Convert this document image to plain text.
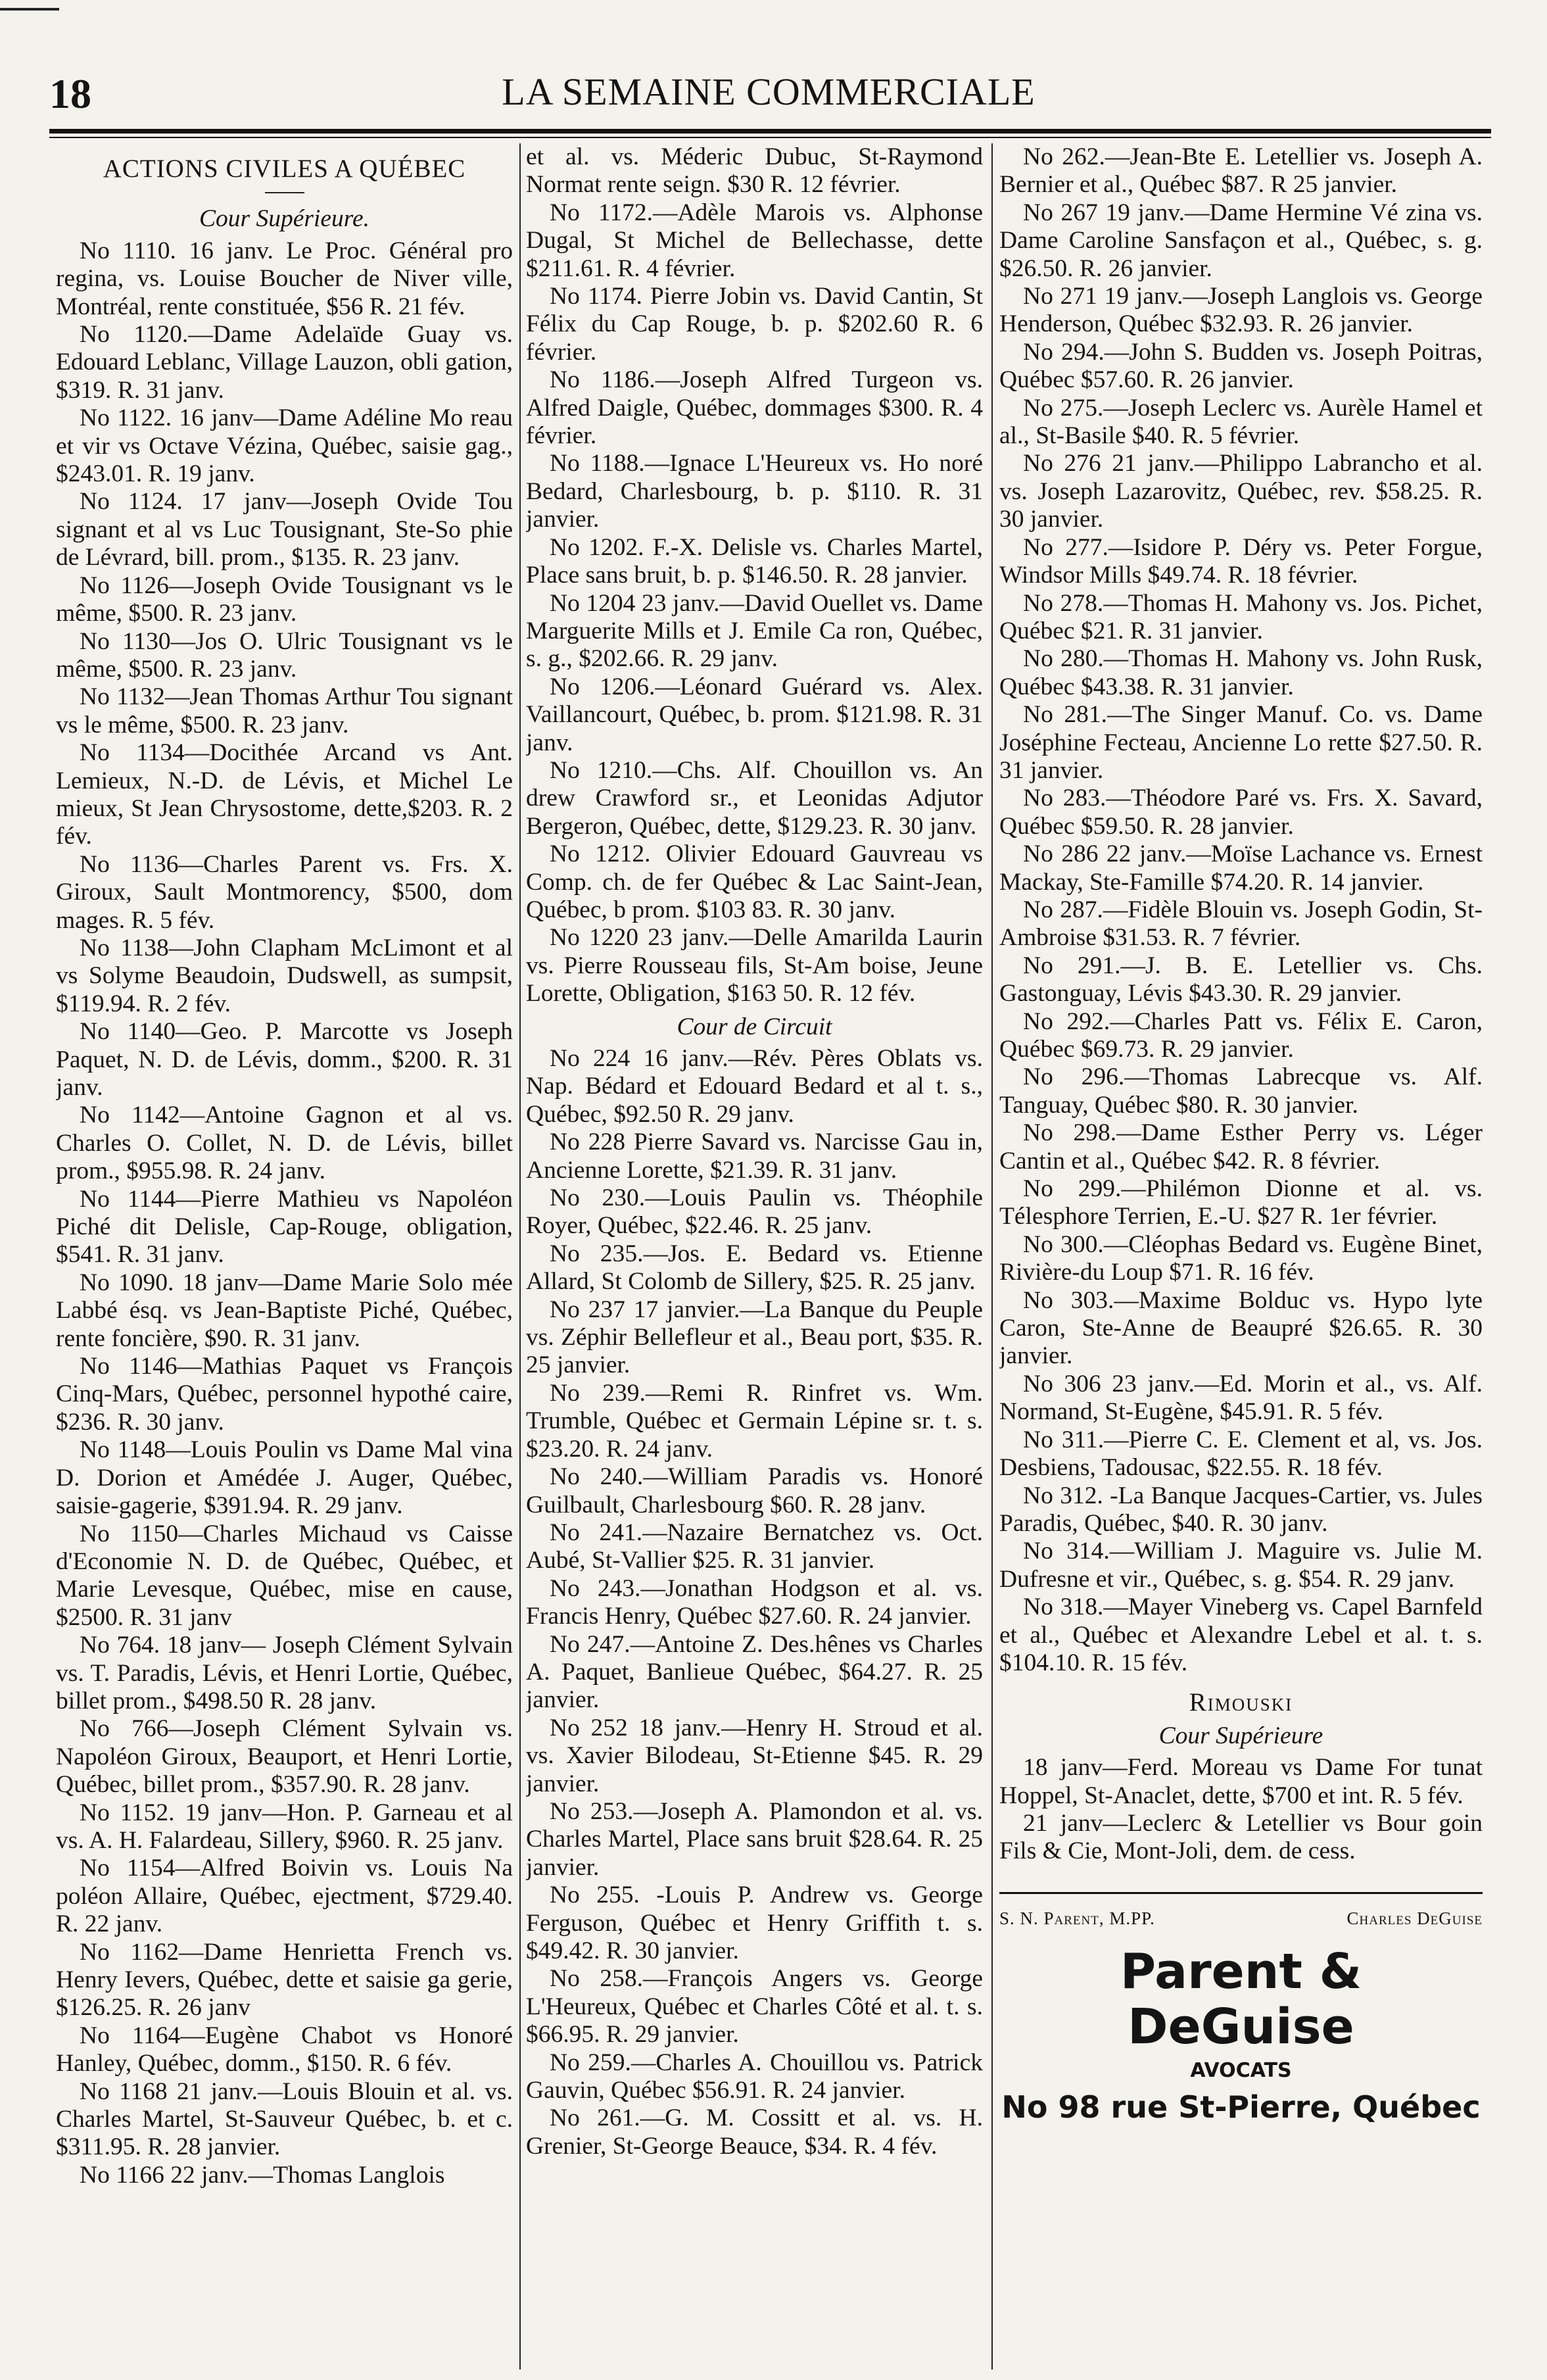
18	LA SEMAINE COMMERCIALE
ACTIONS CIVILES A QUÉBEC
Cour Supérieure.

No 1110. 16 janv. Le Proc. Général pro regina, vs. Louise Boucher de Niver ville, Montréal, rente constituée, $56 R. 21 fév.

No 1120.—Dame Adelaïde Guay vs. Edouard Leblanc, Village Lauzon, obli gation, $319. R. 31 janv.

No 1122. 16 janv—Dame Adéline Mo reau et vir vs Octave Vézina, Québec, saisie gag., $243.01. R. 19 janv.

No 1124. 17 janv—Joseph Ovide Tou signant et al vs Luc Tousignant, Ste-So phie de Lévrard, bill. prom., $135. R. 23 janv.

No 1126—Joseph Ovide Tousignant vs le même, $500. R. 23 janv.

No 1130—Jos O. Ulric Tousignant vs le même, $500. R. 23 janv.

No 1132—Jean Thomas Arthur Tou signant vs le même, $500. R. 23 janv.

No 1134—Docithée Arcand vs Ant. Lemieux, N.-D. de Lévis, et Michel Le mieux, St Jean Chrysostome, dette,$203. R. 2 fév.

No 1136—Charles Parent vs. Frs. X. Giroux, Sault Montmorency, $500, dom mages. R. 5 fév.

No 1138—John Clapham McLimont et al vs Solyme Beaudoin, Dudswell, as sumpsit, $119.94. R. 2 fév.

No 1140—Geo. P. Marcotte vs Joseph Paquet, N. D. de Lévis, domm., $200. R. 31 janv.

No 1142—Antoine Gagnon et al vs. Charles O. Collet, N. D. de Lévis, billet prom., $955.98. R. 24 janv.

No 1144—Pierre Mathieu vs Napoléon Piché dit Delisle, Cap-Rouge, obligation, $541. R. 31 janv.

No 1090. 18 janv—Dame Marie Solo mée Labbé ésq. vs Jean-Baptiste Piché, Québec, rente foncière, $90. R. 31 janv.

No 1146—Mathias Paquet vs François Cinq-Mars, Québec, personnel hypothé caire, $236. R. 30 janv.

No 1148—Louis Poulin vs Dame Mal vina D. Dorion et Amédée J. Auger, Québec, saisie-gagerie, $391.94. R. 29 janv.

No 1150—Charles Michaud vs Caisse d'Economie N. D. de Québec, Québec, et Marie Levesque, Québec, mise en cause, $2500. R. 31 janv

No 764. 18 janv— Joseph Clément Sylvain vs. T. Paradis, Lévis, et Henri Lortie, Québec, billet prom., $498.50 R. 28 janv.

No 766—Joseph Clément Sylvain vs. Napoléon Giroux, Beauport, et Henri Lortie, Québec, billet prom., $357.90. R. 28 janv.

No 1152. 19 janv—Hon. P. Garneau et al vs. A. H. Falardeau, Sillery, $960. R. 25 janv.

No 1154—Alfred Boivin vs. Louis Na poléon Allaire, Québec, ejectment, $729.40. R. 22 janv.

No 1162—Dame Henrietta French vs. Henry Ievers, Québec, dette et saisie ga gerie, $126.25. R. 26 janv

No 1164—Eugène Chabot vs Honoré Hanley, Québec, domm., $150. R. 6 fév.

No 1168 21 janv.—Louis Blouin et al. vs. Charles Martel, St-Sauveur Québec, b. et c. $311.95. R. 28 janvier.

No 1166 22 janv.—Thomas Langlois

et al. vs. Méderic Dubuc, St-Raymond Normat rente seign. $30 R. 12 février.

No 1172.—Adèle Marois vs. Alphonse Dugal, St Michel de Bellechasse, dette $211.61. R. 4 février.

No 1174. Pierre Jobin vs. David Cantin, St Félix du Cap Rouge, b. p. $202.60 R. 6 février.

No 1186.—Joseph Alfred Turgeon vs. Alfred Daigle, Québec, dommages $300. R. 4 février.

No 1188.—Ignace L'Heureux vs. Ho noré Bedard, Charlesbourg, b. p. $110. R. 31 janvier.

No 1202. F.-X. Delisle vs. Charles Martel, Place sans bruit, b. p. $146.50. R. 28 janvier.

No 1204 23 janv.—David Ouellet vs. Dame Marguerite Mills et J. Emile Ca ron, Québec, s. g., $202.66. R. 29 janv.

No 1206.—Léonard Guérard vs. Alex. Vaillancourt, Québec, b. prom. $121.98. R. 31 janv.

No 1210.—Chs. Alf. Chouillon vs. An drew Crawford sr., et Leonidas Adjutor Bergeron, Québec, dette, $129.23. R. 30 janv.

No 1212. Olivier Edouard Gauvreau vs Comp. ch. de fer Québec & Lac Saint-Jean, Québec, b prom. $103 83. R. 30 janv.

No 1220 23 janv.—Delle Amarilda Laurin vs. Pierre Rousseau fils, St-Am boise, Jeune Lorette, Obligation, $163 50. R. 12 fév.

Cour de Circuit

No 224 16 janv.—Rév. Pères Oblats vs. Nap. Bédard et Edouard Bedard et al t. s., Québec, $92.50 R. 29 janv.

No 228 Pierre Savard vs. Narcisse Gau in, Ancienne Lorette, $21.39. R. 31 janv.

No 230.—Louis Paulin vs. Théophile Royer, Québec, $22.46. R. 25 janv.

No 235.—Jos. E. Bedard vs. Etienne Allard, St Colomb de Sillery, $25. R. 25 janv.

No 237 17 janvier.—La Banque du Peuple vs. Zéphir Bellefleur et al., Beau port, $35. R. 25 janvier.

No 239.—Remi R. Rinfret vs. Wm. Trumble, Québec et Germain Lépine sr. t. s. $23.20. R. 24 janv.

No 240.—William Paradis vs. Honoré Guilbault, Charlesbourg $60. R. 28 janv.

No 241.—Nazaire Bernatchez vs. Oct. Aubé, St-Vallier $25. R. 31 janvier.

No 243.—Jonathan Hodgson et al. vs. Francis Henry, Québec $27.60. R. 24 janvier.

No 247.—Antoine Z. Des.hênes vs Charles A. Paquet, Banlieue Québec, $64.27. R. 25 janvier.

No 252 18 janv.—Henry H. Stroud et al. vs. Xavier Bilodeau, St-Etienne $45. R. 29 janvier.

No 253.—Joseph A. Plamondon et al. vs. Charles Martel, Place sans bruit $28.64. R. 25 janvier.

No 255. -Louis P. Andrew vs. George Ferguson, Québec et Henry Griffith t. s. $49.42. R. 30 janvier.

No 258.—François Angers vs. George L'Heureux, Québec et Charles Côté et al. t. s. $66.95. R. 29 janvier.

No 259.—Charles A. Chouillou vs. Patrick Gauvin, Québec $56.91. R. 24 janvier.

No 261.—G. M. Cossitt et al. vs. H. Grenier, St-George Beauce, $34. R. 4 fév.

No 262.—Jean-Bte E. Letellier vs. Joseph A. Bernier et al., Québec $87. R 25 janvier.

No 267 19 janv.—Dame Hermine Vé zina vs. Dame Caroline Sansfaçon et al., Québec, s. g. $26.50. R. 26 janvier.

No 271 19 janv.—Joseph Langlois vs. George Henderson, Québec $32.93. R. 26 janvier.

No 294.—John S. Budden vs. Joseph Poitras, Québec $57.60. R. 26 janvier.

No 275.—Joseph Leclerc vs. Aurèle Hamel et al., St-Basile $40. R. 5 février.

No 276 21 janv.—Philippo Labrancho et al. vs. Joseph Lazarovitz, Québec, rev. $58.25. R. 30 janvier.

No 277.—Isidore P. Déry vs. Peter Forgue, Windsor Mills $49.74. R. 18 février.

No 278.—Thomas H. Mahony vs. Jos. Pichet, Québec $21. R. 31 janvier.

No 280.—Thomas H. Mahony vs. John Rusk, Québec $43.38. R. 31 janvier.

No 281.—The Singer Manuf. Co. vs. Dame Joséphine Fecteau, Ancienne Lo rette $27.50. R. 31 janvier.

No 283.—Théodore Paré vs. Frs. X. Savard, Québec $59.50. R. 28 janvier.

No 286 22 janv.—Moïse Lachance vs. Ernest Mackay, Ste-Famille $74.20. R. 14 janvier.

No 287.—Fidèle Blouin vs. Joseph Godin, St-Ambroise $31.53. R. 7 février.

No 291.—J. B. E. Letellier vs. Chs. Gastonguay, Lévis $43.30. R. 29 janvier.

No 292.—Charles Patt vs. Félix E. Caron, Québec $69.73. R. 29 janvier.

No 296.—Thomas Labrecque vs. Alf. Tanguay, Québec $80. R. 30 janvier.

No 298.—Dame Esther Perry vs. Léger Cantin et al., Québec $42. R. 8 février.

No 299.—Philémon Dionne et al. vs. Télesphore Terrien, E.-U. $27 R. 1er février.

No 300.—Cléophas Bedard vs. Eugène Binet, Rivière-du Loup $71. R. 16 fév.

No 303.—Maxime Bolduc vs. Hypo lyte Caron, Ste-Anne de Beaupré $26.65. R. 30 janvier.

No 306 23 janv.—Ed. Morin et al., vs. Alf. Normand, St-Eugène, $45.91. R. 5 fév.

No 311.—Pierre C. E. Clement et al, vs. Jos. Desbiens, Tadousac, $22.55. R. 18 fév.

No 312. -La Banque Jacques-Cartier, vs. Jules Paradis, Québec, $40. R. 30 janv.

No 314.—William J. Maguire vs. Julie M. Dufresne et vir., Québec, s. g. $54. R. 29 janv.

No 318.—Mayer Vineberg vs. Capel Barnfeld et al., Québec et Alexandre Lebel et al. t. s. $104.10. R. 15 fév.

Rimouski
Cour Supérieure

18 janv—Ferd. Moreau vs Dame For tunat Hoppel, St-Anaclet, dette, $700 et int. R. 5 fév.

21 janv—Leclerc & Letellier vs Bour goin Fils & Cie, Mont-Joli, dem. de cess.

S. N. Parent, M.PP.	Charles DeGuise
Parent & DeGuise
AVOCATS
No 98 rue St-Pierre, Québec
